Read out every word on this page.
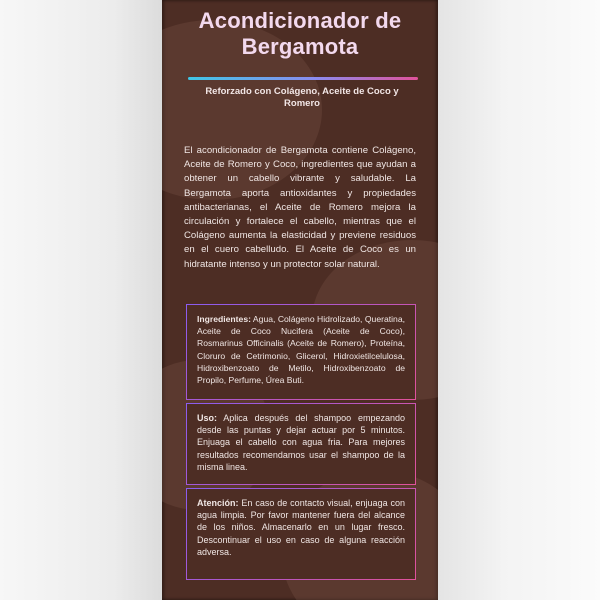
Acondicionador de Bergamota
Reforzado con Colágeno, Aceite de Coco y Romero
El acondicionador de Bergamota contiene Colágeno, Aceite de Romero y Coco, ingredientes que ayudan a obtener un cabello vibrante y saludable. La Bergamota aporta antioxidantes y propiedades antibacterianas, el Aceite de Romero mejora la circulación y fortalece el cabello, mientras que el Colágeno aumenta la elasticidad y previene residuos en el cuero cabelludo. El Aceite de Coco es un hidratante intenso y un protector solar natural.
Ingredientes: Agua, Colágeno Hidrolizado, Queratina, Aceite de Coco Nucifera (Aceite de Coco), Rosmarinus Officinalis (Aceite de Romero), Proteína, Cloruro de Cetrimonio, Glicerol, Hidroxietilcelulosa, Hidroxibenzoato de Metilo, Hidroxibenzoato de Propilo, Perfume, Úrea Buti.
Uso: Aplica después del shampoo empezando desde las puntas y dejar actuar por 5 minutos. Enjuaga el cabello con agua fria. Para mejores resultados recomendamos usar el shampoo de la misma linea.
Atención: En caso de contacto visual, enjuaga con agua limpia. Por favor mantener fuera del alcance de los niños. Almacenarlo en un lugar fresco. Descontinuar el uso en caso de alguna reacción adversa.
